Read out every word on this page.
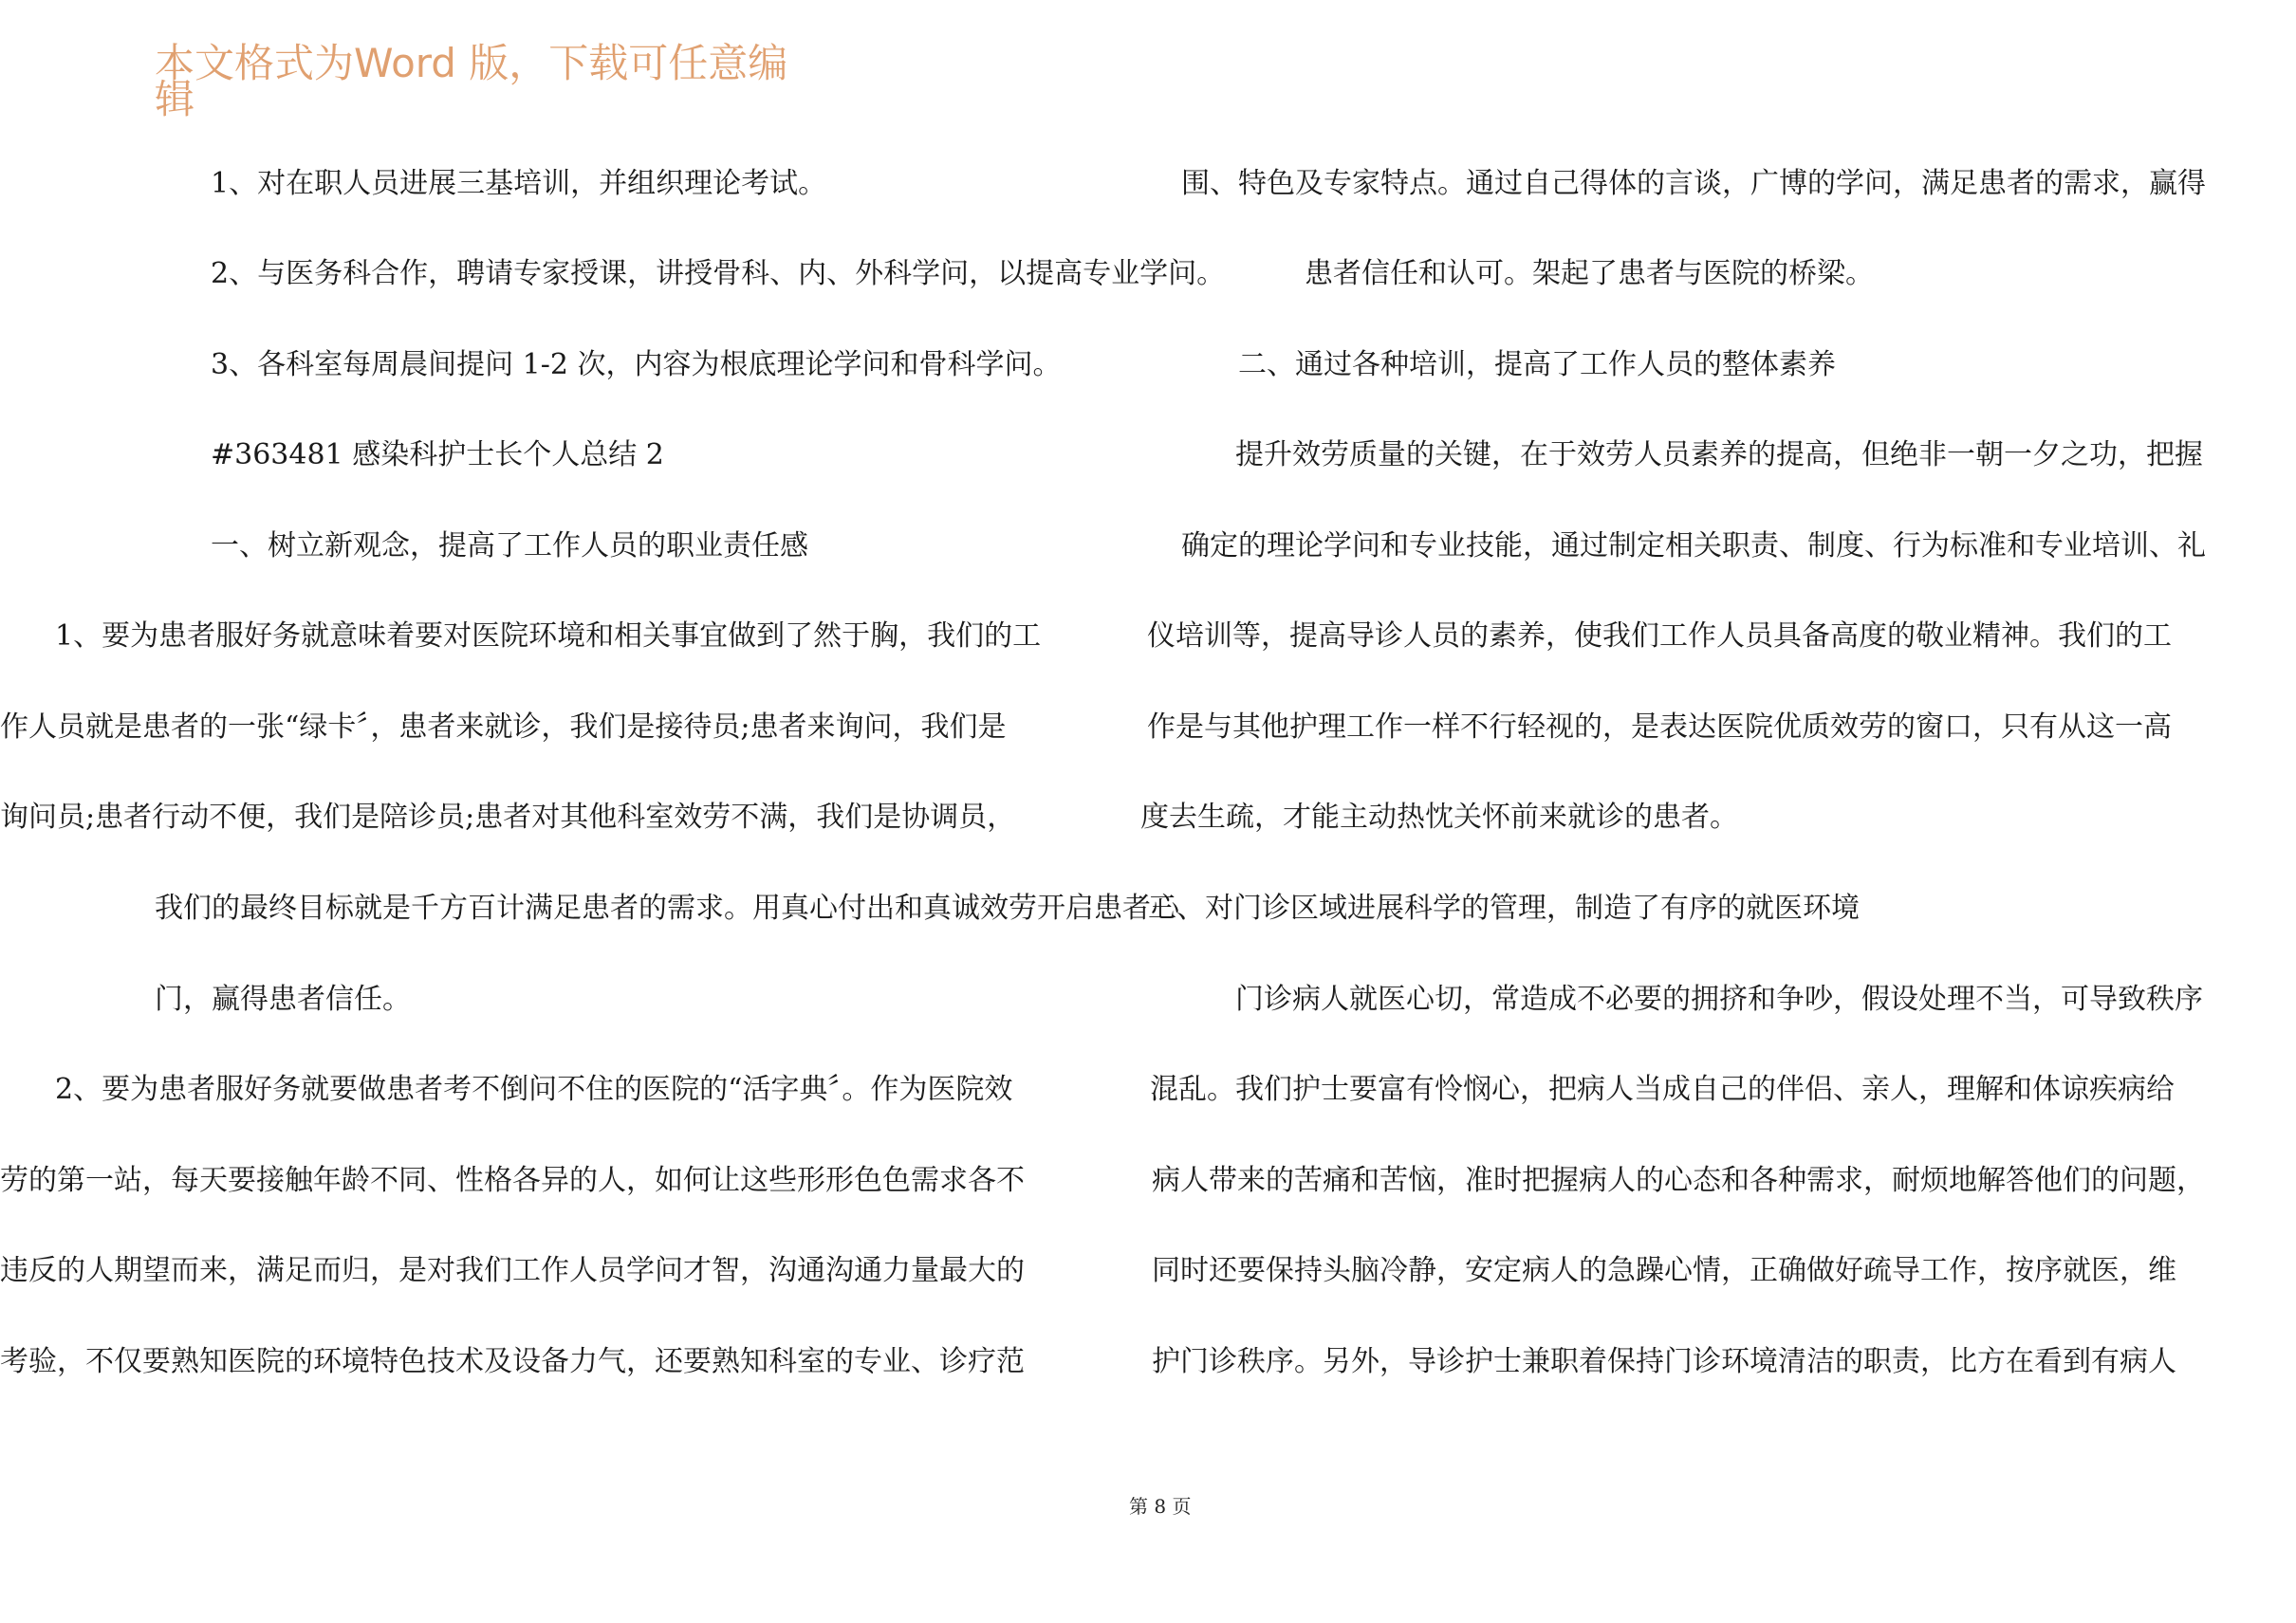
本文格式为Word 版，下载可任意编辑
1、对在职人员进展三基培训，并组织理论考试。
2、与医务科合作，聘请专家授课，讲授骨科、内、外科学问，以提高专业学问。
3、各科室每周晨间提问 1-2 次，内容为根底理论学问和骨科学问。
#363481 感染科护士长个人总结 2
一、树立新观念，提高了工作人员的职业责任感
1、要为患者服好务就意味着要对医院环境和相关事宜做到了然于胸，我们的工
作人员就是患者的一张“绿卡〞，患者来就诊，我们是接待员;患者来询问，我们是
询问员;患者行动不便，我们是陪诊员;患者对其他科室效劳不满，我们是协调员，
我们的最终目标就是千方百计满足患者的需求。用真心付出和真诚效劳开启患者心
门，赢得患者信任。
2、要为患者服好务就要做患者考不倒问不住的医院的“活字典〞。作为医院效
劳的第一站，每天要接触年龄不同、性格各异的人，如何让这些形形色色需求各不
违反的人期望而来，满足而归，是对我们工作人员学问才智，沟通沟通力量最大的
考验，不仅要熟知医院的环境特色技术及设备力气，还要熟知科室的专业、诊疗范
围、特色及专家特点。通过自己得体的言谈，广博的学问，满足患者的需求，赢得
患者信任和认可。架起了患者与医院的桥梁。
二、通过各种培训，提高了工作人员的整体素养
提升效劳质量的关键，在于效劳人员素养的提高，但绝非一朝一夕之功，把握
确定的理论学问和专业技能，通过制定相关职责、制度、行为标准和专业培训、礼
仪培训等，提高导诊人员的素养，使我们工作人员具备高度的敬业精神。我们的工
作是与其他护理工作一样不行轻视的，是表达医院优质效劳的窗口，只有从这一高
度去生疏，才能主动热忱关怀前来就诊的患者。
三、对门诊区域进展科学的管理，制造了有序的就医环境
门诊病人就医心切，常造成不必要的拥挤和争吵，假设处理不当，可导致秩序
混乱。我们护士要富有怜悯心，把病人当成自己的伴侣、亲人，理解和体谅疾病给
病人带来的苦痛和苦恼，准时把握病人的心态和各种需求，耐烦地解答他们的问题，
同时还要保持头脑冷静，安定病人的急躁心情，正确做好疏导工作，按序就医，维
护门诊秩序。另外，导诊护士兼职着保持门诊环境清洁的职责，比方在看到有病人
第 8 页
